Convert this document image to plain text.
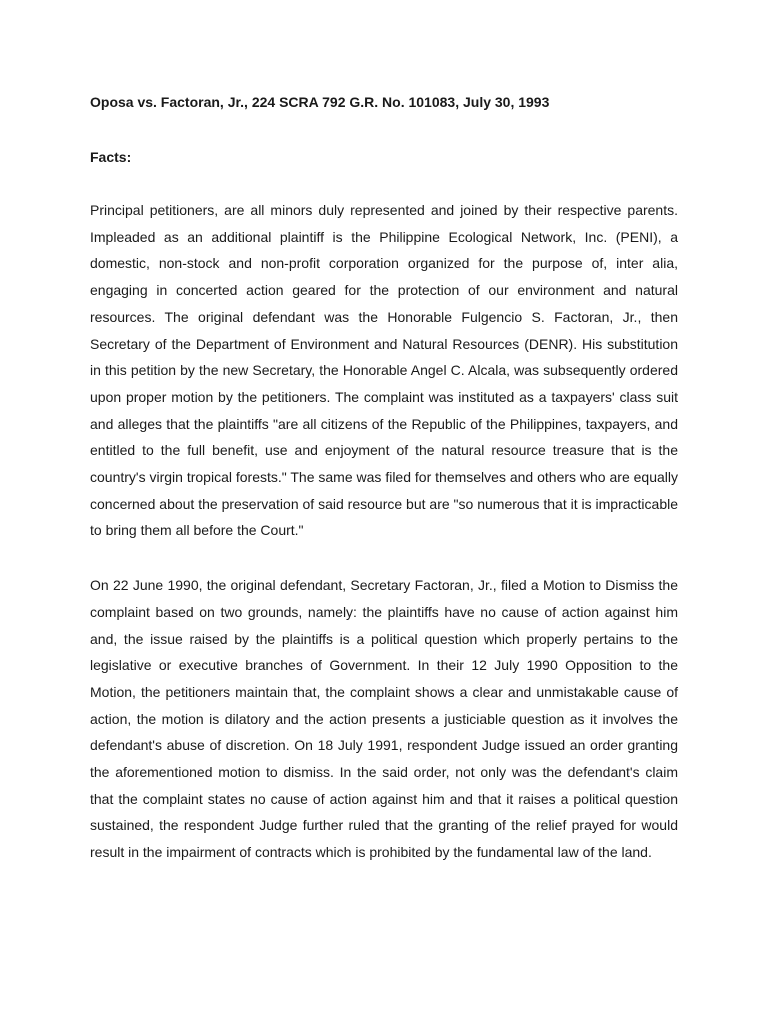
Oposa vs. Factoran, Jr., 224 SCRA 792 G.R. No. 101083, July 30, 1993

Facts:

Principal petitioners, are all minors duly represented and joined by their respective parents. Impleaded as an additional plaintiff is the Philippine Ecological Network, Inc. (PENI), a domestic, non-stock and non-profit corporation organized for the purpose of, inter alia, engaging in concerted action geared for the protection of our environment and natural resources. The original defendant was the Honorable Fulgencio S. Factoran, Jr., then Secretary of the Department of Environment and Natural Resources (DENR). His substitution in this petition by the new Secretary, the Honorable Angel C. Alcala, was subsequently ordered upon proper motion by the petitioners. The complaint was instituted as a taxpayers' class suit and alleges that the plaintiffs "are all citizens of the Republic of the Philippines, taxpayers, and entitled to the full benefit, use and enjoyment of the natural resource treasure that is the country's virgin tropical forests." The same was filed for themselves and others who are equally concerned about the preservation of said resource but are "so numerous that it is impracticable to bring them all before the Court."

On 22 June 1990, the original defendant, Secretary Factoran, Jr., filed a Motion to Dismiss the complaint based on two grounds, namely: the plaintiffs have no cause of action against him and, the issue raised by the plaintiffs is a political question which properly pertains to the legislative or executive branches of Government. In their 12 July 1990 Opposition to the Motion, the petitioners maintain that, the complaint shows a clear and unmistakable cause of action, the motion is dilatory and the action presents a justiciable question as it involves the defendant's abuse of discretion. On 18 July 1991, respondent Judge issued an order granting the aforementioned motion to dismiss. In the said order, not only was the defendant's claim that the complaint states no cause of action against him and that it raises a political question sustained, the respondent Judge further ruled that the granting of the relief prayed for would result in the impairment of contracts which is prohibited by the fundamental law of the land.
